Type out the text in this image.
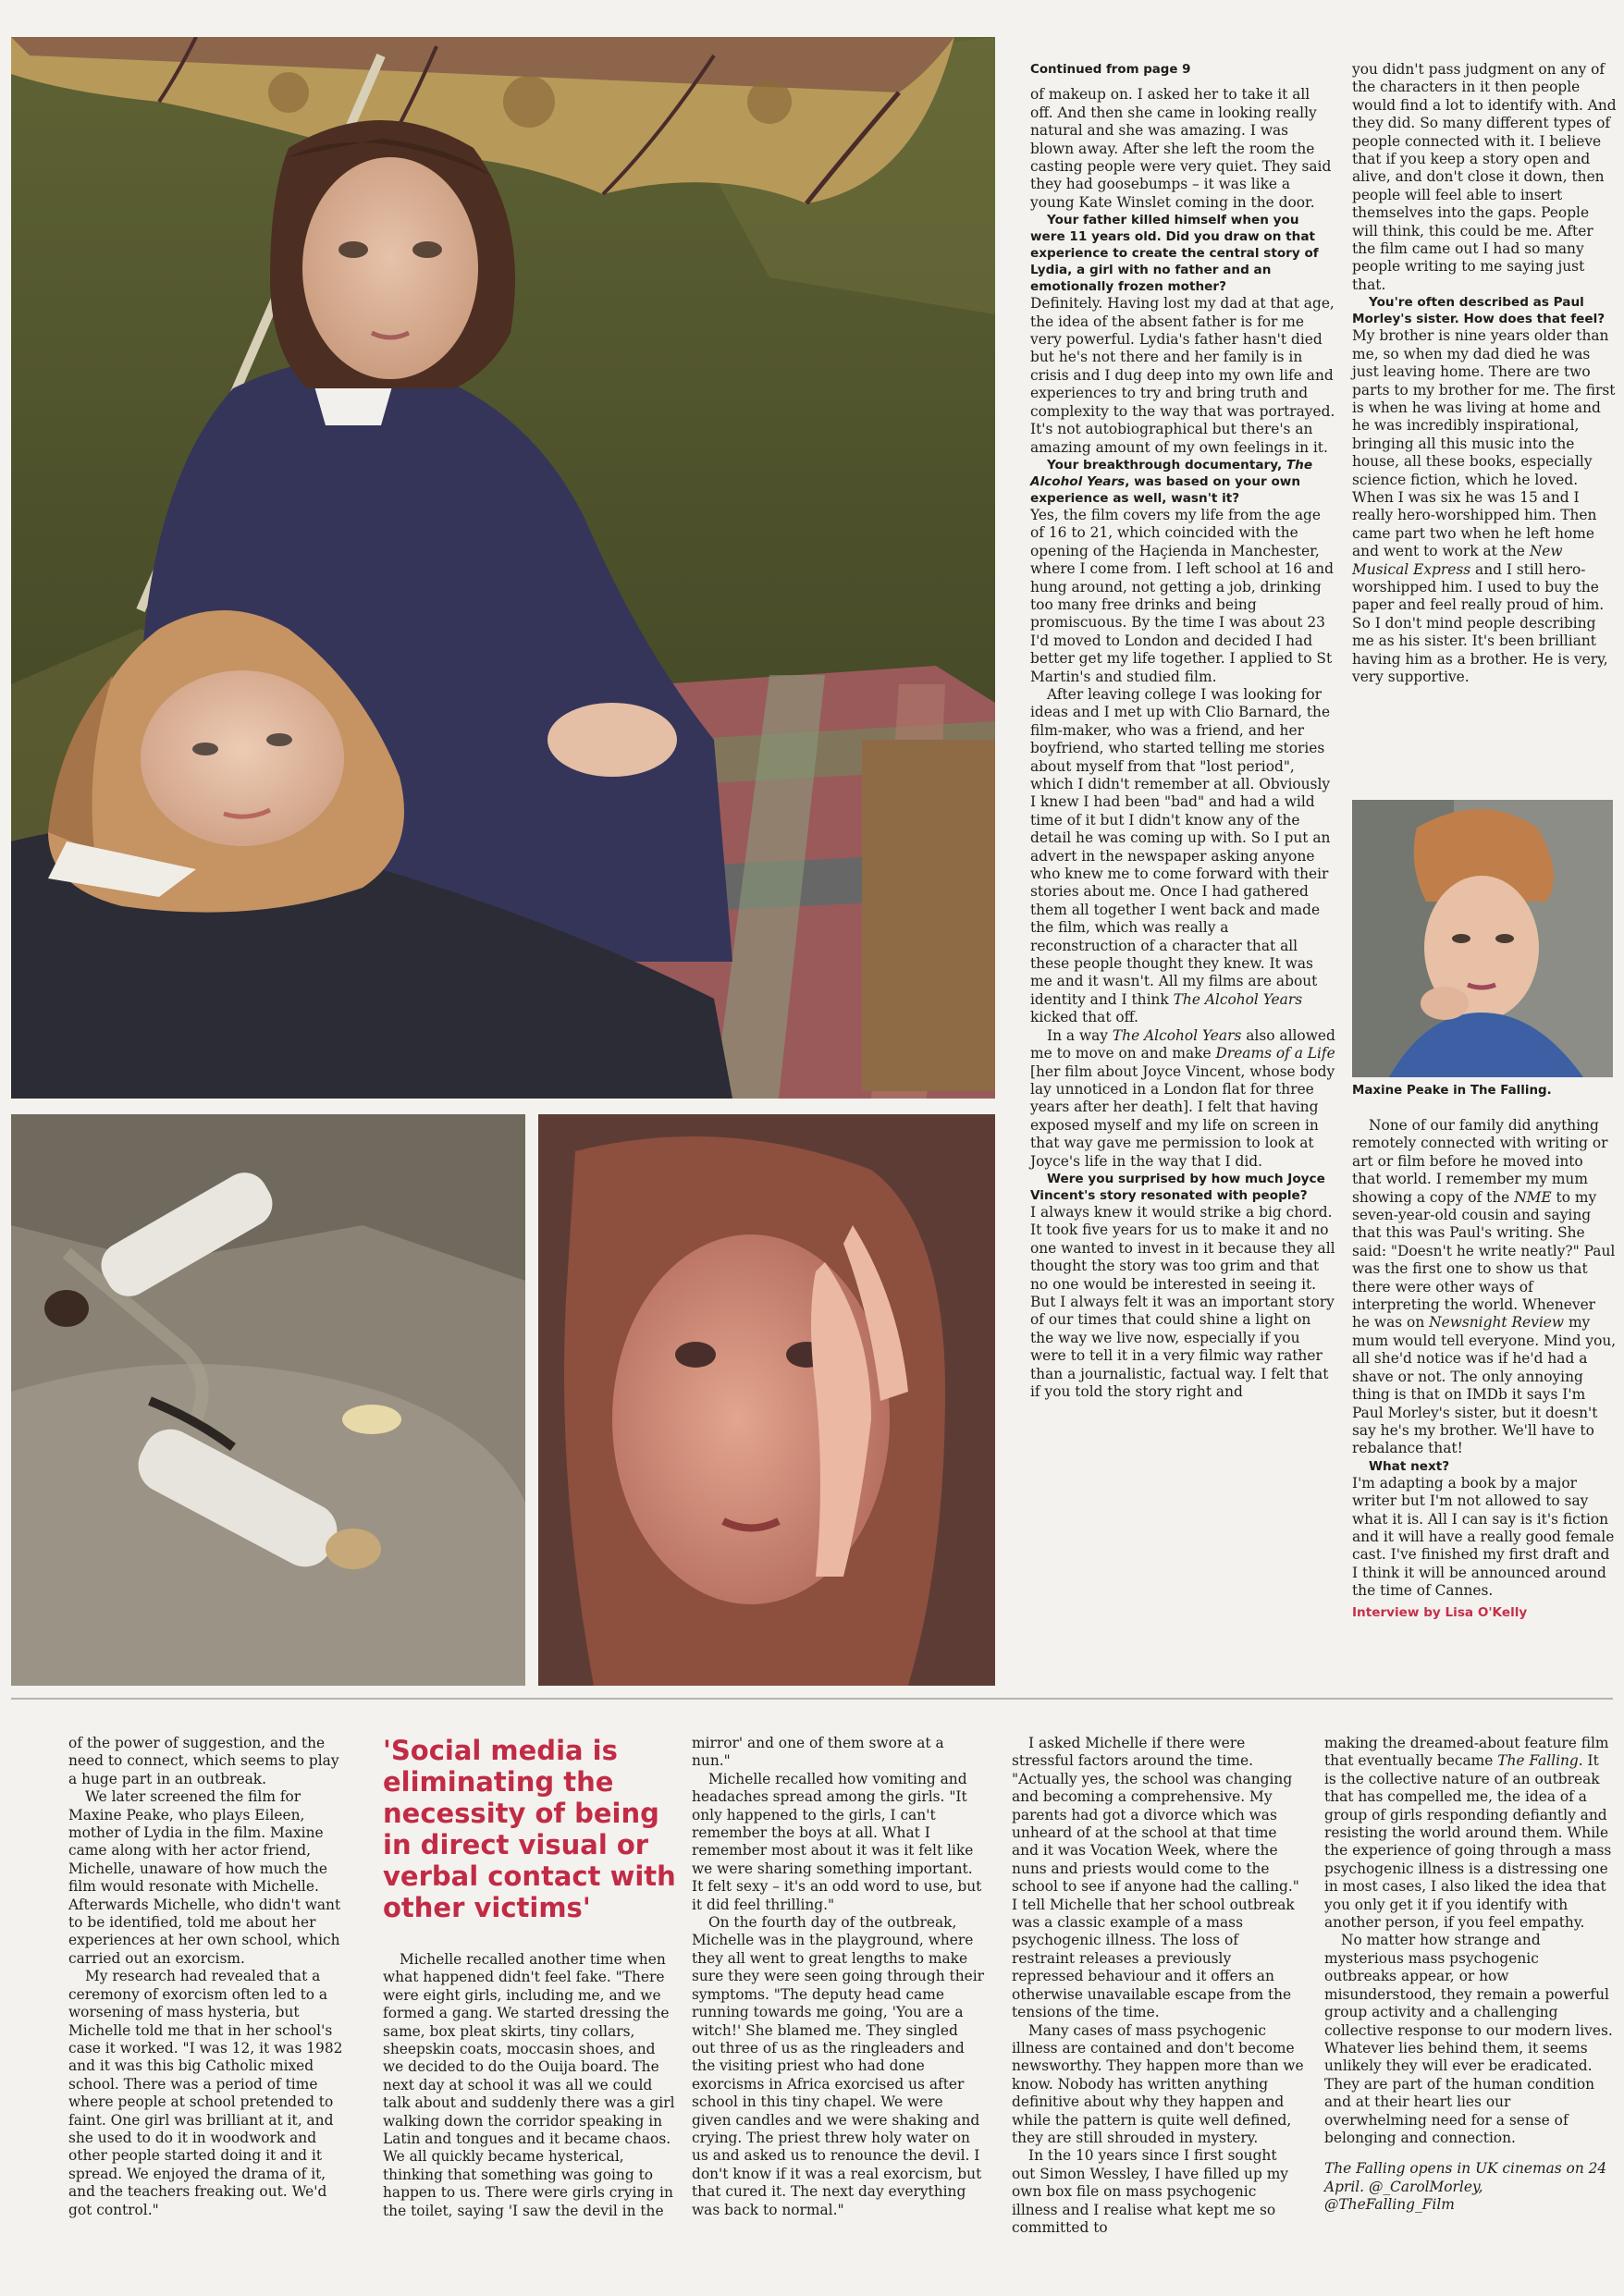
Maxine Peake in The Falling.
Continued from page 9

of makeup on. I asked her to take it all off. And then she came in looking really natural and she was amazing. I was blown away. After she left the room the casting people were very quiet. They said they had goosebumps – it was like a young Kate Winslet coming in the door.

Your father killed himself when you were 11 years old. Did you draw on that experience to create the central story of Lydia, a girl with no father and an emotionally frozen mother?

Definitely. Having lost my dad at that age, the idea of the absent father is for me very powerful. Lydia's father hasn't died but he's not there and her family is in crisis and I dug deep into my own life and experiences to try and bring truth and complexity to the way that was portrayed. It's not autobiographical but there's an amazing amount of my own feelings in it.

Your breakthrough documentary, The Alcohol Years, was based on your own experience as well, wasn't it?

Yes, the film covers my life from the age of 16 to 21, which coincided with the opening of the Haçienda in Manchester, where I come from. I left school at 16 and hung around, not getting a job, drinking too many free drinks and being promiscuous. By the time I was about 23 I'd moved to London and decided I had better get my life together. I applied to St Martin's and studied film.

After leaving college I was looking for ideas and I met up with Clio Barnard, the film-maker, who was a friend, and her boyfriend, who started telling me stories about myself from that "lost period", which I didn't remember at all. Obviously I knew I had been "bad" and had a wild time of it but I didn't know any of the detail he was coming up with. So I put an advert in the newspaper asking anyone who knew me to come forward with their stories about me. Once I had gathered them all together I went back and made the film, which was really a reconstruction of a character that all these people thought they knew. It was me and it wasn't. All my films are about identity and I think The Alcohol Years kicked that off.

In a way The Alcohol Years also allowed me to move on and make Dreams of a Life [her film about Joyce Vincent, whose body lay unnoticed in a London flat for three years after her death]. I felt that having exposed myself and my life on screen in that way gave me permission to look at Joyce's life in the way that I did.

Were you surprised by how much Joyce Vincent's story resonated with people?

I always knew it would strike a big chord. It took five years for us to make it and no one wanted to invest in it because they all thought the story was too grim and that no one would be interested in seeing it. But I always felt it was an important story of our times that could shine a light on the way we live now, especially if you were to tell it in a very filmic way rather than a journalistic, factual way. I felt that if you told the story right and

you didn't pass judgment on any of the characters in it then people would find a lot to identify with. And they did. So many different types of people connected with it. I believe that if you keep a story open and alive, and don't close it down, then people will feel able to insert themselves into the gaps. People will think, this could be me. After the film came out I had so many people writing to me saying just that.

You're often described as Paul Morley's sister. How does that feel?

My brother is nine years older than me, so when my dad died he was just leaving home. There are two parts to my brother for me. The first is when he was living at home and he was incredibly inspirational, bringing all this music into the house, all these books, especially science fiction, which he loved. When I was six he was 15 and I really hero-worshipped him. Then came part two when he left home and went to work at the New Musical Express and I still hero-worshipped him. I used to buy the paper and feel really proud of him. So I don't mind people describing me as his sister. It's been brilliant having him as a brother. He is very, very supportive.

None of our family did anything remotely connected with writing or art or film before he moved into that world. I remember my mum showing a copy of the NME to my seven-year-old cousin and saying that this was Paul's writing. She said: "Doesn't he write neatly?" Paul was the first one to show us that there were other ways of interpreting the world. Whenever he was on Newsnight Review my mum would tell everyone. Mind you, all she'd notice was if he'd had a shave or not. The only annoying thing is that on IMDb it says I'm Paul Morley's sister, but it doesn't say he's my brother. We'll have to rebalance that!

What next?

I'm adapting a book by a major writer but I'm not allowed to say what it is. All I can say is it's fiction and it will have a really good female cast. I've finished my first draft and I think it will be announced around the time of Cannes.

Interview by Lisa O'Kelly

of the power of suggestion, and the need to connect, which seems to play a huge part in an outbreak.

We later screened the film for Maxine Peake, who plays Eileen, mother of Lydia in the film. Maxine came along with her actor friend, Michelle, unaware of how much the film would resonate with Michelle. Afterwards Michelle, who didn't want to be identified, told me about her experiences at her own school, which carried out an exorcism.

My research had revealed that a ceremony of exorcism often led to a worsening of mass hysteria, but Michelle told me that in her school's case it worked. "I was 12, it was 1982 and it was this big Catholic mixed school. There was a period of time where people at school pretended to faint. One girl was brilliant at it, and she used to do it in woodwork and other people started doing it and it spread. We enjoyed the drama of it, and the teachers freaking out. We'd got control."

'Social media is eliminating the necessity of being in direct visual or verbal contact with other victims'

Michelle recalled another time when what happened didn't feel fake. "There were eight girls, including me, and we formed a gang. We started dressing the same, box pleat skirts, tiny collars, sheepskin coats, moccasin shoes, and we decided to do the Ouija board. The next day at school it was all we could talk about and suddenly there was a girl walking down the corridor speaking in Latin and tongues and it became chaos. We all quickly became hysterical, thinking that something was going to happen to us. There were girls crying in the toilet, saying 'I saw the devil in the

mirror' and one of them swore at a nun."

Michelle recalled how vomiting and headaches spread among the girls. "It only happened to the girls, I can't remember the boys at all. What I remember most about it was it felt like we were sharing something important. It felt sexy – it's an odd word to use, but it did feel thrilling."

On the fourth day of the outbreak, Michelle was in the playground, where they all went to great lengths to make sure they were seen going through their symptoms. "The deputy head came running towards me going, 'You are a witch!' She blamed me. They singled out three of us as the ringleaders and the visiting priest who had done exorcisms in Africa exorcised us after school in this tiny chapel. We were given candles and we were shaking and crying. The priest threw holy water on us and asked us to renounce the devil. I don't know if it was a real exorcism, but that cured it. The next day everything was back to normal."

I asked Michelle if there were stressful factors around the time. "Actually yes, the school was changing and becoming a comprehensive. My parents had got a divorce which was unheard of at the school at that time and it was Vocation Week, where the nuns and priests would come to the school to see if anyone had the calling." I tell Michelle that her school outbreak was a classic example of a mass psychogenic illness. The loss of restraint releases a previously repressed behaviour and it offers an otherwise unavailable escape from the tensions of the time.

Many cases of mass psychogenic illness are contained and don't become newsworthy. They happen more than we know. Nobody has written anything definitive about why they happen and while the pattern is quite well defined, they are still shrouded in mystery.

In the 10 years since I first sought out Simon Wessley, I have filled up my own box file on mass psychogenic illness and I realise what kept me so committed to

making the dreamed-about feature film that eventually became The Falling. It is the collective nature of an outbreak that has compelled me, the idea of a group of girls responding defiantly and resisting the world around them. While the experience of going through a mass psychogenic illness is a distressing one in most cases, I also liked the idea that you only get it if you identify with another person, if you feel empathy.

No matter how strange and mysterious mass psychogenic outbreaks appear, or how misunderstood, they remain a powerful group activity and a challenging collective response to our modern lives. Whatever lies behind them, it seems unlikely they will ever be eradicated. They are part of the human condition and at their heart lies our overwhelming need for a sense of belonging and connection.

The Falling opens in UK cinemas on 24 April. @_CarolMorley, @TheFalling_Film
